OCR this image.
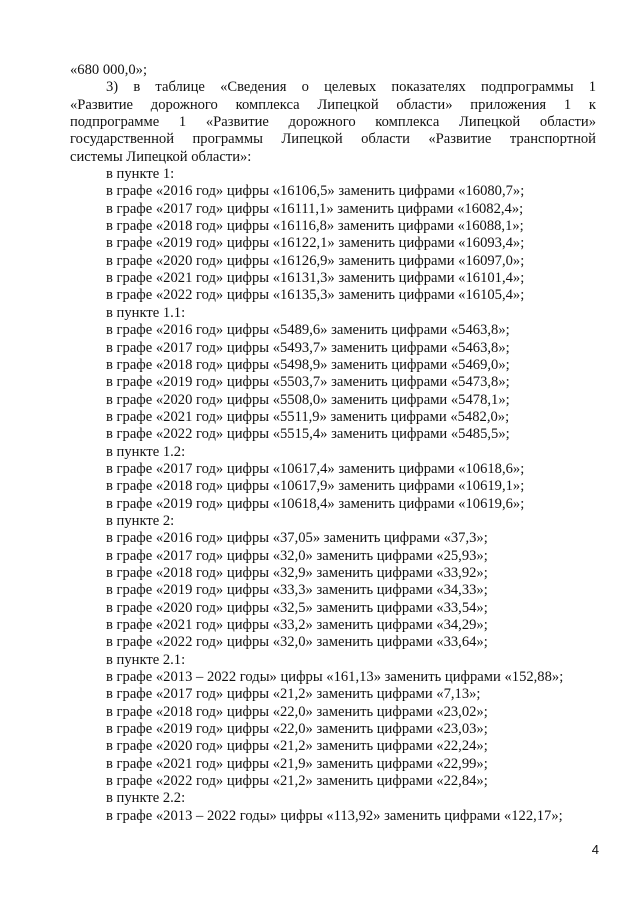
«680 000,0»;
3) в таблице «Сведения о целевых показателях подпрограммы 1
«Развитие дорожного комплекса Липецкой области» приложения 1 к
подпрограмме 1 «Развитие дорожного комплекса Липецкой области»
государственной программы Липецкой области «Развитие транспортной
системы Липецкой области»:
в пункте 1:
в графе «2016 год» цифры «16106,5» заменить цифрами «16080,7»;
в графе «2017 год» цифры «16111,1» заменить цифрами «16082,4»;
в графе «2018 год» цифры «16116,8» заменить цифрами «16088,1»;
в графе «2019 год» цифры «16122,1» заменить цифрами «16093,4»;
в графе «2020 год» цифры «16126,9» заменить цифрами «16097,0»;
в графе «2021 год» цифры «16131,3» заменить цифрами «16101,4»;
в графе «2022 год» цифры «16135,3» заменить цифрами «16105,4»;
в пункте 1.1:
в графе «2016 год» цифры «5489,6» заменить цифрами «5463,8»;
в графе «2017 год» цифры «5493,7» заменить цифрами «5463,8»;
в графе «2018 год» цифры «5498,9» заменить цифрами «5469,0»;
в графе «2019 год» цифры «5503,7» заменить цифрами «5473,8»;
в графе «2020 год» цифры «5508,0» заменить цифрами «5478,1»;
в графе «2021 год» цифры «5511,9» заменить цифрами «5482,0»;
в графе «2022 год» цифры «5515,4» заменить цифрами «5485,5»;
в пункте 1.2:
в графе «2017 год» цифры «10617,4» заменить цифрами «10618,6»;
в графе «2018 год» цифры «10617,9» заменить цифрами «10619,1»;
в графе «2019 год» цифры «10618,4» заменить цифрами «10619,6»;
в пункте 2:
в графе «2016 год» цифры «37,05» заменить цифрами «37,3»;
в графе «2017 год» цифры «32,0» заменить цифрами «25,93»;
в графе «2018 год» цифры «32,9» заменить цифрами «33,92»;
в графе «2019 год» цифры «33,3» заменить цифрами «34,33»;
в графе «2020 год» цифры «32,5» заменить цифрами «33,54»;
в графе «2021 год» цифры «33,2» заменить цифрами «34,29»;
в графе «2022 год» цифры «32,0» заменить цифрами «33,64»;
в пункте 2.1:
в графе «2013 – 2022 годы» цифры «161,13» заменить цифрами «152,88»;
в графе «2017 год» цифры «21,2» заменить цифрами «7,13»;
в графе «2018 год» цифры «22,0» заменить цифрами «23,02»;
в графе «2019 год» цифры «22,0» заменить цифрами «23,03»;
в графе «2020 год» цифры «21,2» заменить цифрами «22,24»;
в графе «2021 год» цифры «21,9» заменить цифрами «22,99»;
в графе «2022 год» цифры «21,2» заменить цифрами «22,84»;
в пункте 2.2:
в графе «2013 – 2022 годы» цифры «113,92» заменить цифрами «122,17»;
4
